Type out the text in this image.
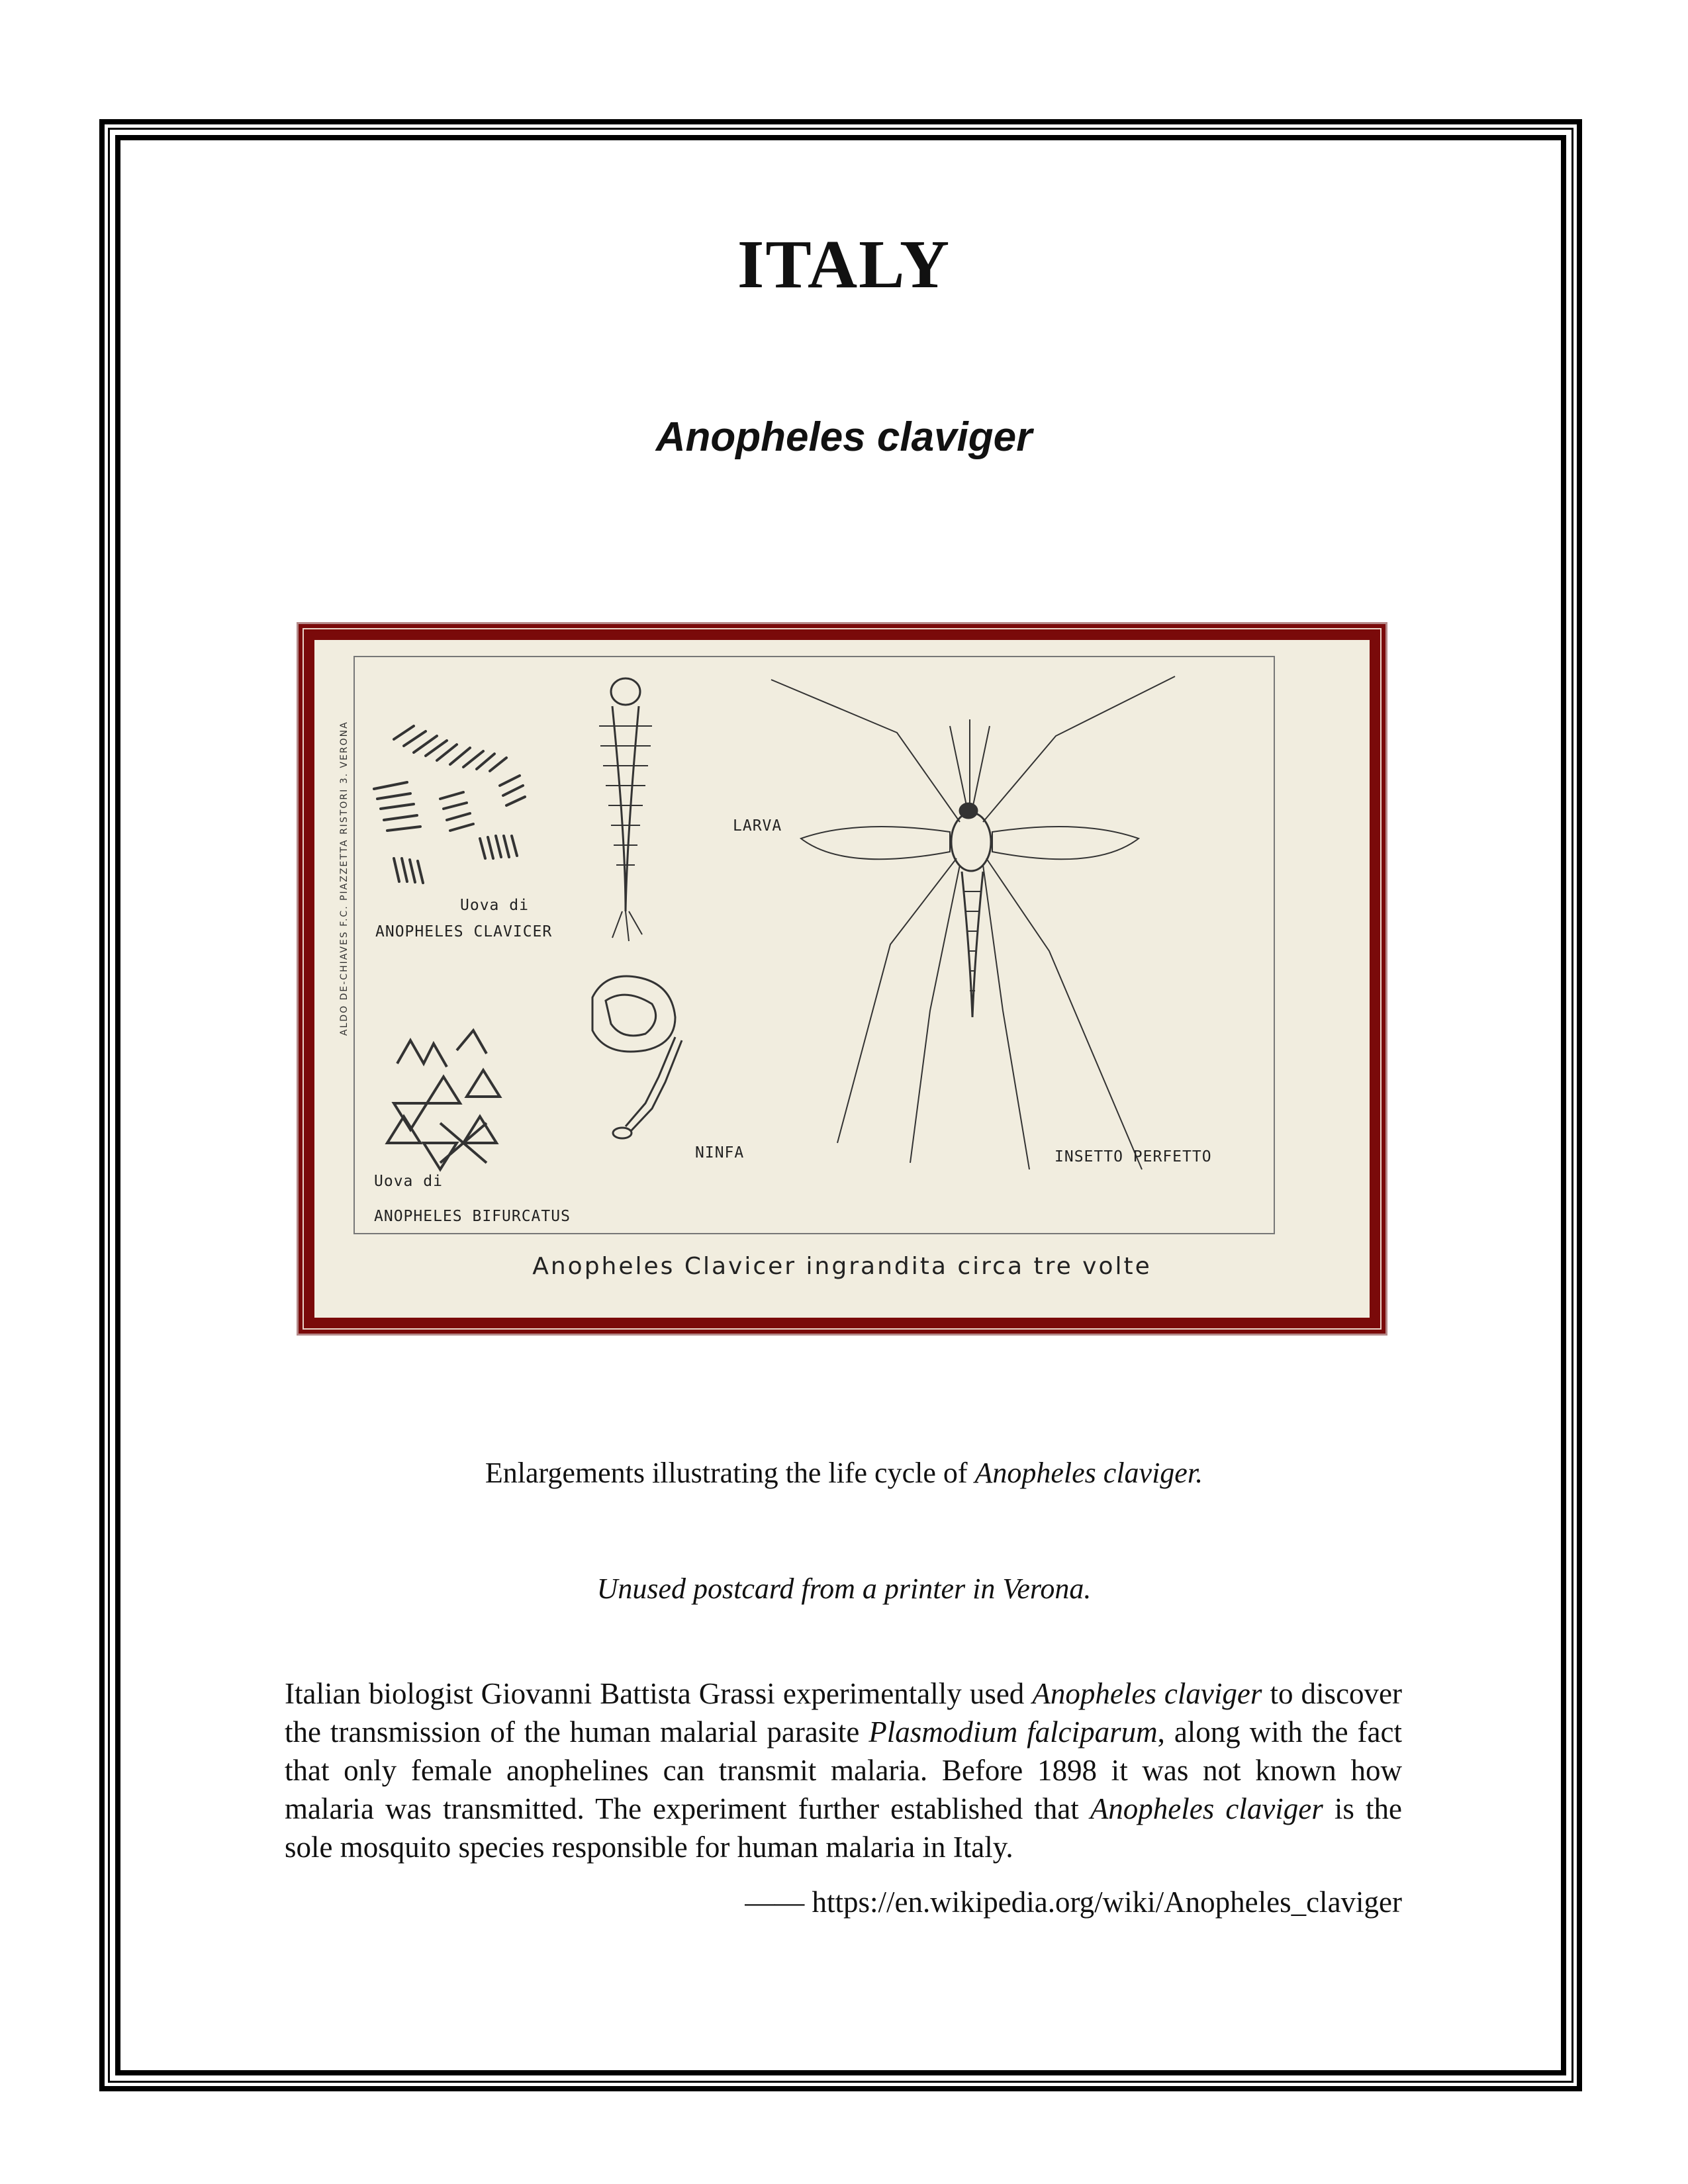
ITALY
Anopheles claviger
LARVA
Uova di
ANOPHELES CLAVICER
Uova di
ANOPHELES BIFURCATUS
NINFA	INSETTO PERFETTO
ALDO DE-CHIAVES F.C. PIAZZETTA RISTORI 3. VERONA
Anopheles Clavicer ingrandita circa tre volte
Enlargements illustrating the life cycle of Anopheles claviger.
Unused postcard from a printer in Verona.
Italian biologist Giovanni Battista Grassi experimentally used Anopheles claviger to discover the transmission of the human malarial parasite Plasmodium falciparum, along with the fact that only female anophelines can transmit malaria. Before 1898 it was not known how malaria was transmitted. The experiment further established that Anopheles claviger is the sole mosquito species responsible for human malaria in Italy.
—— https://en.wikipedia.org/wiki/Anopheles_claviger
